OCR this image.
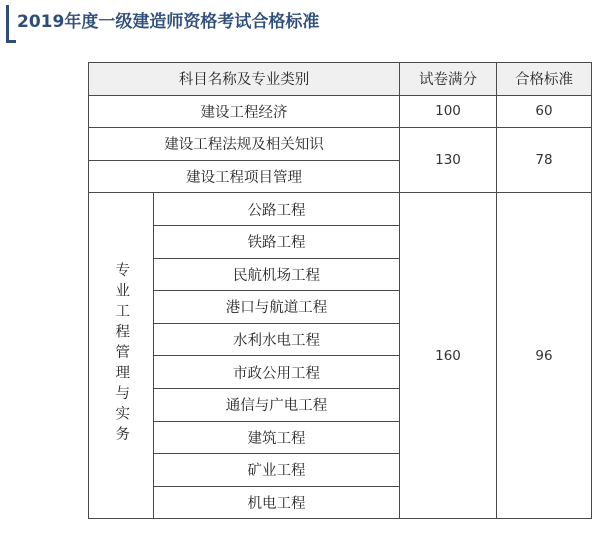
2019年度一级建造师资格考试合格标准
科目名称及专业类别		试卷满分	合格标准
建设工程经济		100	60
建设工程法规及相关知识		130	78
建设工程项目管理			
专业工程管理与实务	公路工程	160	96
	铁路工程		
	民航机场工程		
	港口与航道工程		
	水利水电工程		
	市政公用工程		
	通信与广电工程		
	建筑工程		
	矿业工程		
	机电工程		
